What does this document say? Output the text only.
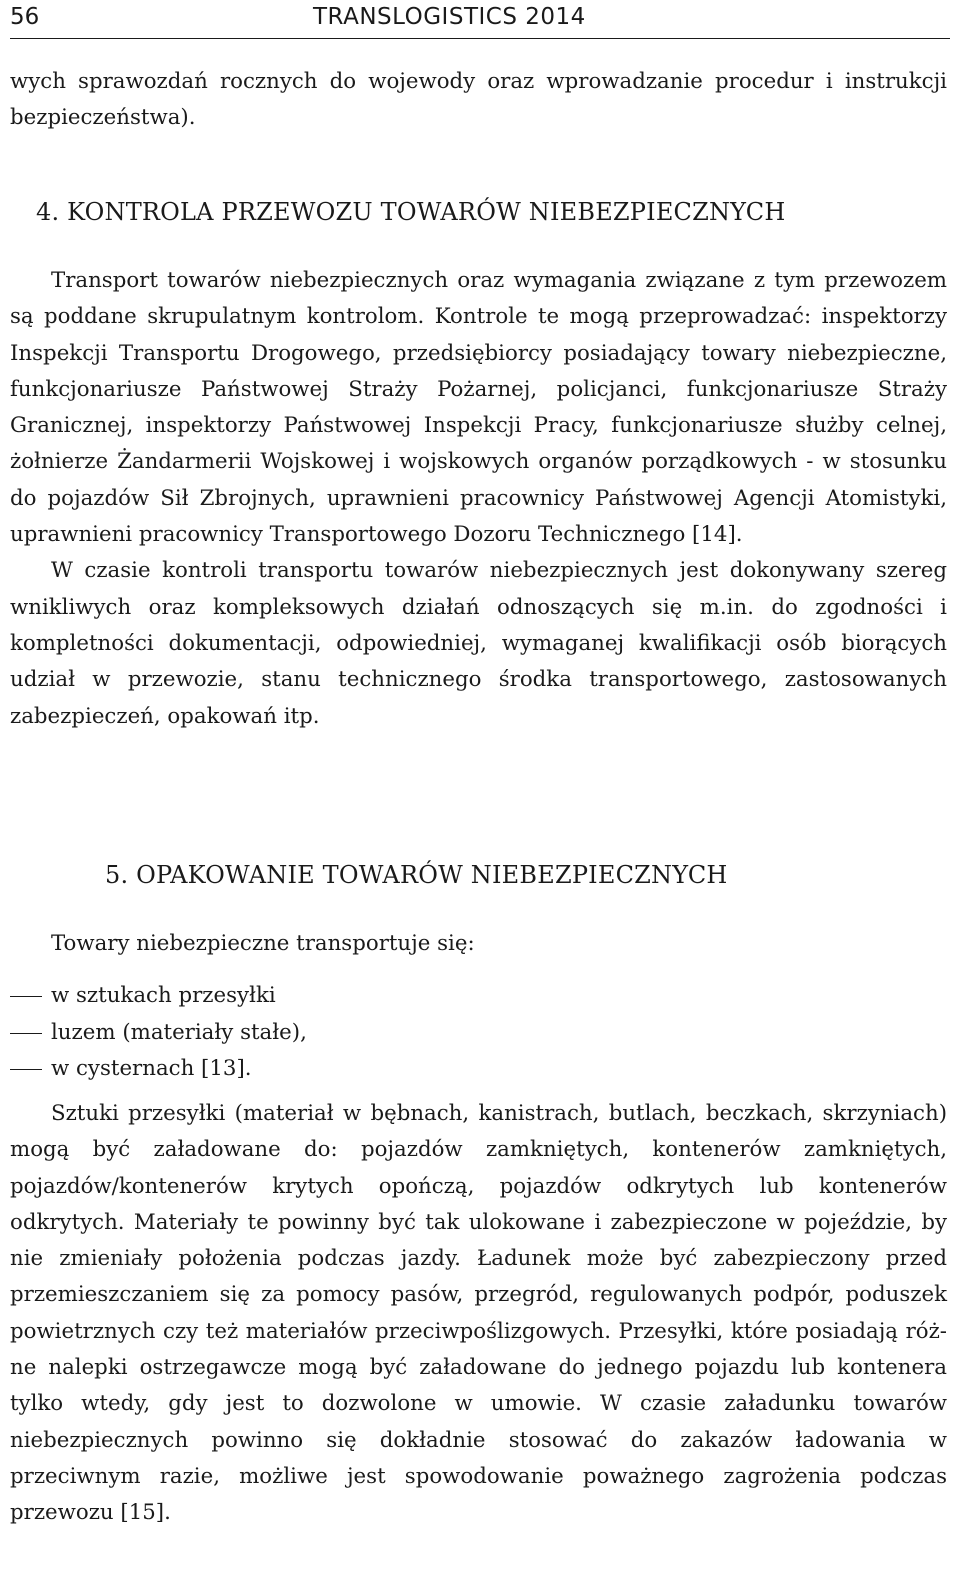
56	TRANSLOGISTICS 2014

wych sprawozdań rocznych do wojewody oraz wprowadzanie procedur i instrukcji bezpieczeństwa).

4. KONTROLA PRZEWOZU TOWARÓW NIEBEZPIECZNYCH

Transport towarów niebezpiecznych oraz wymagania związane z tym przewozem są poddane skrupulatnym kontrolom. Kontrole te mogą przeprowadzać: inspektorzy Inspekcji Transportu Drogowego, przedsiębiorcy posiadający towary niebezpieczne, funkcjonariusze Państwowej Straży Pożarnej, policjanci, funkcjonariusze Straży Granicznej, inspektorzy Państwowej Inspekcji Pracy, funkcjonariusze służby celnej, żołnierze Żandarmerii Wojskowej i wojskowych organów porządkowych - w stosunku do pojazdów Sił Zbrojnych, uprawnieni pracownicy Państwowej Agencji Atomistyki, uprawnieni pracownicy Transportowego Dozoru Technicznego [14].

W czasie kontroli transportu towarów niebezpiecznych jest dokonywany szereg wnikliwych oraz kompleksowych działań odnoszących się m.in. do zgodności i kompletności dokumentacji, odpowiedniej, wymaganej kwalifikacji osób biorących udział w przewozie, stanu technicznego środka transportowego, zastosowanych zabezpieczeń, opakowań itp.

5. OPAKOWANIE TOWARÓW NIEBEZPIECZNYCH

Towary niebezpieczne transportuje się:

w sztukach przesyłki
luzem (materiały stałe),
w cysternach [13].

Sztuki przesyłki (materiał w bębnach, kanistrach, butlach, beczkach, skrzyniach) mogą być załadowane do: pojazdów zamkniętych, kontenerów zamkniętych, pojazdów/kontenerów krytych opończą, pojazdów odkrytych lub kontenerów odkrytych. Materiały te powinny być tak ulokowane i zabezpieczone w pojeździe, by nie zmieniały położenia podczas jazdy. Ładunek może być zabezpieczony przed przemieszczaniem się za pomocy pasów, przegród, regulowanych podpór, poduszek powietrznych czy też materiałów przeciwpoślizgowych. Przesyłki, które posiadają różne nalepki ostrzegawcze mogą być załadowane do jednego pojazdu lub kontenera tylko wtedy, gdy jest to dozwolone w umowie. W czasie załadunku towarów niebezpiecznych powinno się dokładnie stosować do zakazów ładowania w przeciwnym razie, możliwe jest spowodowanie poważnego zagrożenia podczas przewozu [15].
